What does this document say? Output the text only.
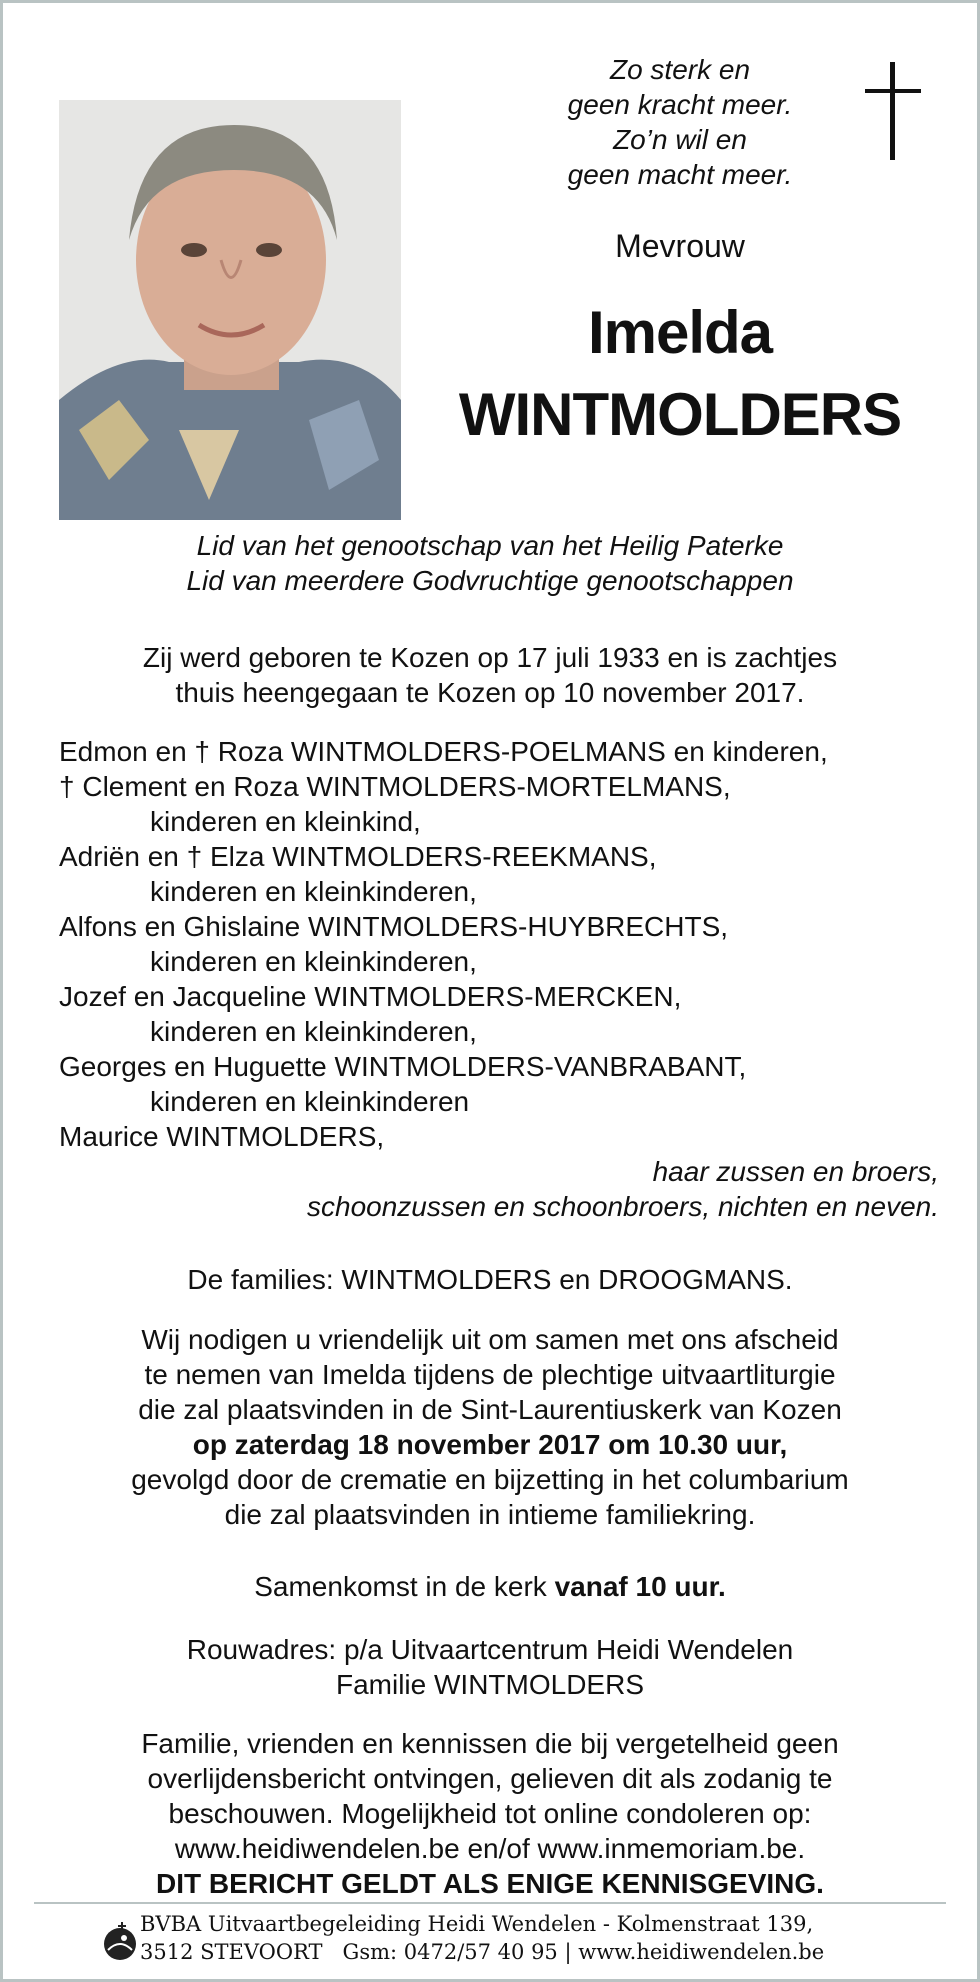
Zo sterk en
geen kracht meer.
Zo’n wil en
geen macht meer.
Mevrouw
Imelda
WINTMOLDERS
Lid van het genootschap van het Heilig Paterke
Lid van meerdere Godvruchtige genootschappen
Zij werd geboren te Kozen op 17 juli 1933 en is zachtjes
thuis heengegaan te Kozen op 10 november 2017.
Edmon en † Roza WINTMOLDERS-POELMANS en kinderen,
† Clement en Roza WINTMOLDERS-MORTELMANS,
kinderen en kleinkind,
Adriën en † Elza WINTMOLDERS-REEKMANS,
kinderen en kleinkinderen,
Alfons en Ghislaine WINTMOLDERS-HUYBRECHTS,
kinderen en kleinkinderen,
Jozef en Jacqueline WINTMOLDERS-MERCKEN,
kinderen en kleinkinderen,
Georges en Huguette WINTMOLDERS-VANBRABANT,
kinderen en kleinkinderen
Maurice WINTMOLDERS,
haar zussen en broers,
schoonzussen en schoonbroers, nichten en neven.
De families: WINTMOLDERS en DROOGMANS.
Wij nodigen u vriendelijk uit om samen met ons afscheid
te nemen van Imelda tijdens de plechtige uitvaartliturgie
die zal plaatsvinden in de Sint-Laurentiuskerk van Kozen
op zaterdag 18 november 2017 om 10.30 uur,
gevolgd door de crematie en bijzetting in het columbarium
die zal plaatsvinden in intieme familiekring.
Samenkomst in de kerk vanaf 10 uur.
Rouwadres: p/a Uitvaartcentrum Heidi Wendelen
Familie WINTMOLDERS
Familie, vrienden en kennissen die bij vergetelheid geen
overlijdensbericht ontvingen, gelieven dit als zodanig te
beschouwen. Mogelijkheid tot online condoleren op:
www.heidiwendelen.be en/of www.inmemoriam.be.
DIT BERICHT GELDT ALS ENIGE KENNISGEVING.
BVBA Uitvaartbegeleiding Heidi Wendelen - Kolmenstraat 139,
3512 STEVOORT   Gsm: 0472/57 40 95 | www.heidiwendelen.be
